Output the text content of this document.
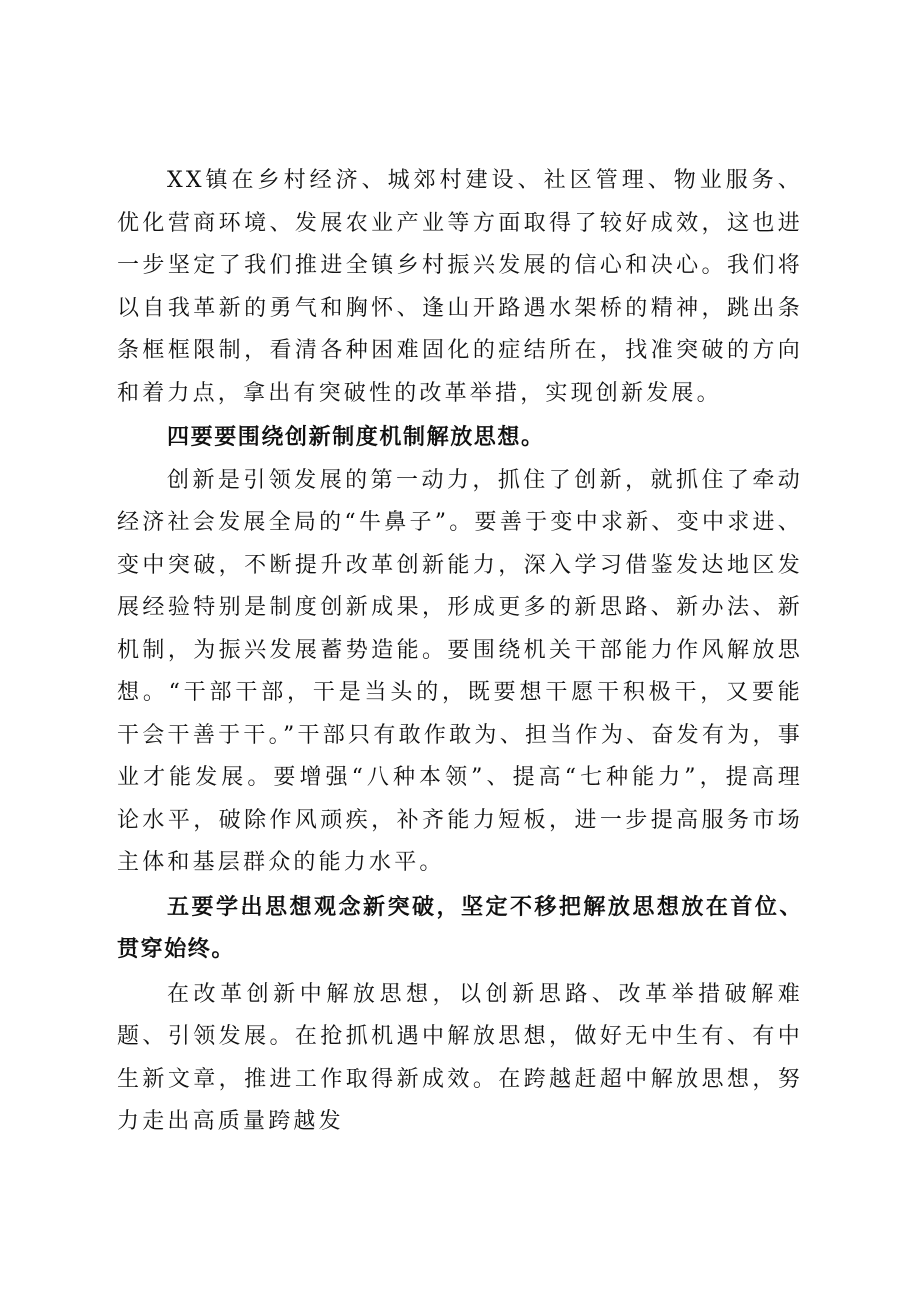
XX镇在乡村经济、城郊村建设、社区管理、物业服务、优化营商环境、发展农业产业等方面取得了较好成效，这也进一步坚定了我们推进全镇乡村振兴发展的信心和决心。我们将以自我革新的勇气和胸怀、逢山开路遇水架桥的精神，跳出条条框框限制，看清各种困难固化的症结所在，找准突破的方向和着力点，拿出有突破性的改革举措，实现创新发展。

四要要围绕创新制度机制解放思想。

创新是引领发展的第一动力，抓住了创新，就抓住了牵动经济社会发展全局的“牛鼻子”。要善于变中求新、变中求进、变中突破，不断提升改革创新能力，深入学习借鉴发达地区发展经验特别是制度创新成果，形成更多的新思路、新办法、新机制，为振兴发展蓄势造能。要围绕机关干部能力作风解放思想。“干部干部，干是当头的，既要想干愿干积极干，又要能干会干善于干。”干部只有敢作敢为、担当作为、奋发有为，事业才能发展。要增强“八种本领”、提高“七种能力”，提高理论水平，破除作风顽疾，补齐能力短板，进一步提高服务市场主体和基层群众的能力水平。

五要学出思想观念新突破，坚定不移把解放思想放在首位、贯穿始终。

在改革创新中解放思想，以创新思路、改革举措破解难题、引领发展。在抢抓机遇中解放思想，做好无中生有、有中生新文章，推进工作取得新成效。在跨越赶超中解放思想，努力走出高质量跨越发
